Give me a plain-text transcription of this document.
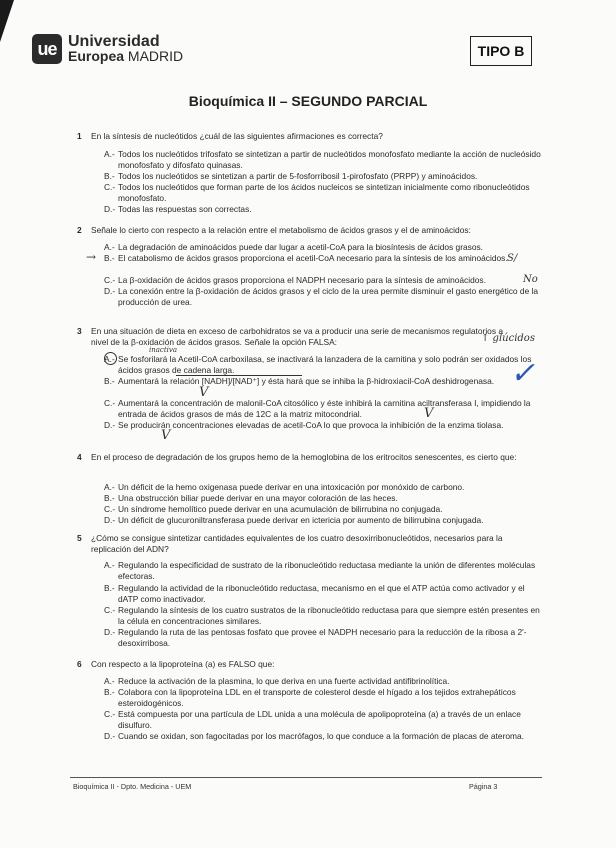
ue Universidad
Europea MADRID	TIPO B
Bioquímica II – SEGUNDO PARCIAL
1 En la síntesis de nucleótidos ¿cuál de las siguientes afirmaciones es correcta?
A.- Todos los nucleótidos trifosfato se sintetizan a partir de nucleótidos monofosfato mediante la acción de nucleósido monofosfato y difosfato quinasas.
B.- Todos los nucleótidos se sintetizan a partir de 5-fosforribosil 1-pirofosfato (PRPP) y aminoácidos.
C.- Todos los nucleótidos que forman parte de los ácidos nucleicos se sintetizan inicialmente como ribonucleótidos monofosfato.
D.- Todas las respuestas son correctas.
2 Señale lo cierto con respecto a la relación entre el metabolismo de ácidos grasos y el de aminoácidos:
A.- La degradación de aminoácidos puede dar lugar a acetil-CoA para la biosíntesis de ácidos grasos.
B.- El catabolismo de ácidos grasos proporciona el acetil-CoA necesario para la síntesis de los aminoácidos.
C.- La β-oxidación de ácidos grasos proporciona el NADPH necesario para la síntesis de aminoácidos.
D.- La conexión entre la β-oxidación de ácidos grasos y el ciclo de la urea permite disminuir el gasto energético de la producción de urea.
→	S/
No
3 En una situación de dieta en exceso de carbohidratos se va a producir una serie de mecanismos regulatorios a nivel de la β-oxidación de ácidos grasos. Señale la opción FALSA:
A.- Se fosforilará la Acetil-CoA carboxilasa, se inactivará la lanzadera de la carnitina y solo podrán ser oxidados los ácidos grasos de cadena larga.
B.- Aumentará la relación [NADH]/[NAD⁺] y ésta hará que se inhiba la β-hidroxiacil-CoA deshidrogenasa.
C.- Aumentará la concentración de malonil-CoA citosólico y éste inhibirá la carnitina aciltransferasa I, impidiendo la entrada de ácidos grasos de más de 12C a la matriz mitocondrial.
D.- Se producirán concentraciones elevadas de acetil-CoA lo que provoca la inhibición de la enzima tiolasa.
↑ glúcidos
inactiva
✓
V
V
V
4 En el proceso de degradación de los grupos hemo de la hemoglobina de los eritrocitos senescentes, es cierto que:
A.- Un déficit de la hemo oxigenasa puede derivar en una intoxicación por monóxido de carbono.
B.- Una obstrucción biliar puede derivar en una mayor coloración de las heces.
C.- Un síndrome hemolítico puede derivar en una acumulación de bilirrubina no conjugada.
D.- Un déficit de glucuroniltransferasa puede derivar en ictericia por aumento de bilirrubina conjugada.
5 ¿Cómo se consigue sintetizar cantidades equivalentes de los cuatro desoxirribonucleótidos, necesarios para la replicación del ADN?
A.- Regulando la especificidad de sustrato de la ribonucleótido reductasa mediante la unión de diferentes moléculas efectoras.
B.- Regulando la actividad de la ribonucleótido reductasa, mecanismo en el que el ATP actúa como activador y el dATP como inactivador.
C.- Regulando la síntesis de los cuatro sustratos de la ribonucleótido reductasa para que siempre estén presentes en la célula en concentraciones similares.
D.- Regulando la ruta de las pentosas fosfato que provee el NADPH necesario para la reducción de la ribosa a 2'-desoxirribosa.
6 Con respecto a la lipoproteína (a) es FALSO que:
A.- Reduce la activación de la plasmina, lo que deriva en una fuerte actividad antifibrinolítica.
B.- Colabora con la lipoproteína LDL en el transporte de colesterol desde el hígado a los tejidos extrahepáticos esteroidogénicos.
C.- Está compuesta por una partícula de LDL unida a una molécula de apolipoproteína (a) a través de un enlace disulfuro.
D.- Cuando se oxidan, son fagocitadas por los macrófagos, lo que conduce a la formación de placas de ateroma.
Bioquímica II - Dpto. Medicina - UEM	Página 3
